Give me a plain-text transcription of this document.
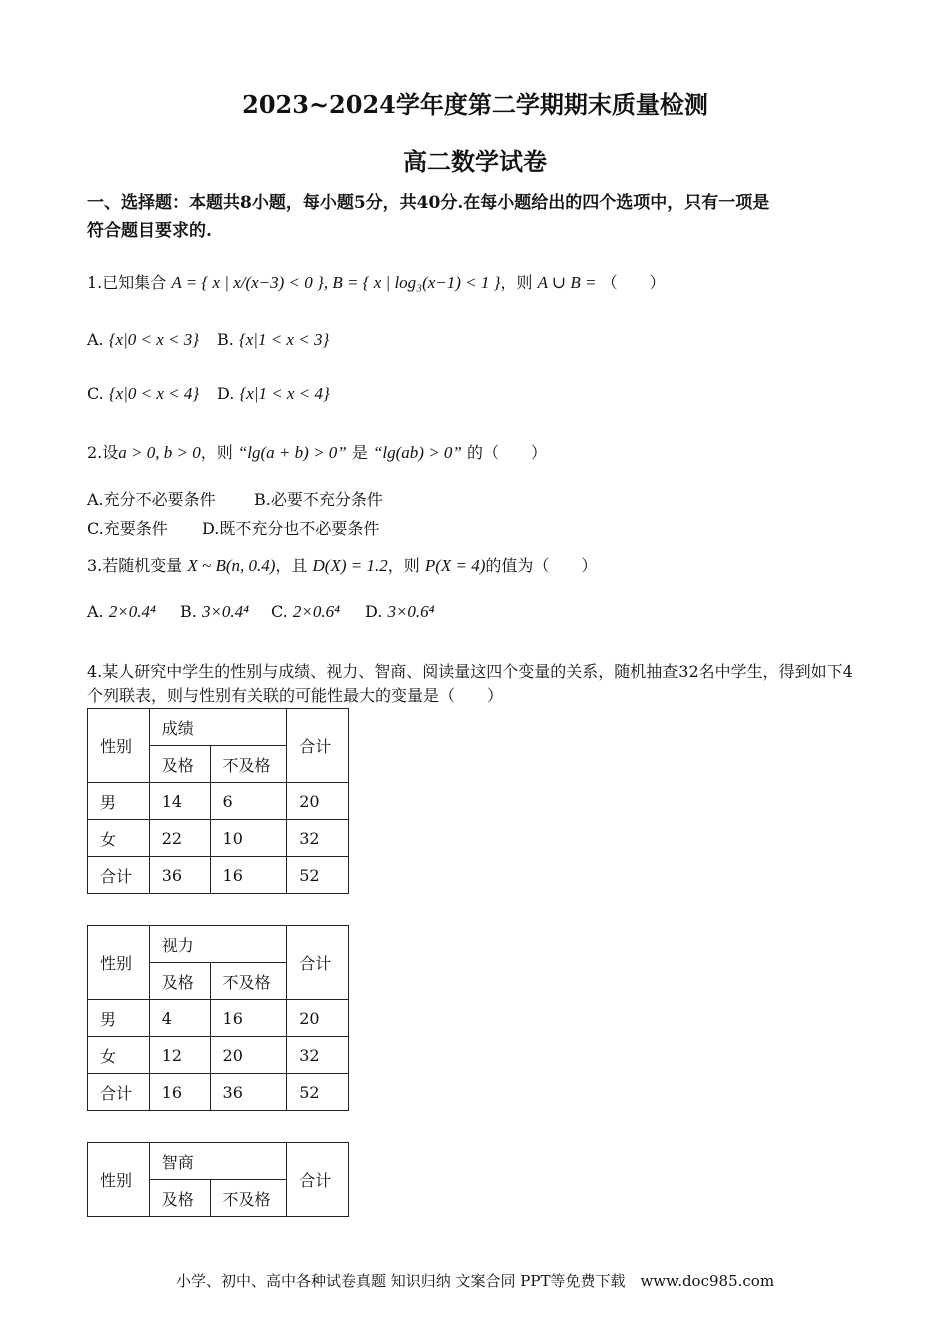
2023~2024学年度第二学期期末质量检测
高二数学试卷
一、选择题：本题共8小题，每小题5分，共40分.在每小题给出的四个选项中，只有一项是
符合题目要求的.
1.已知集合 A = { x | x/(x−3) < 0 }, B = { x | log₃(x−1) < 1 }，则 A ∪ B = （　　）
A. {x|0 < x < 3} B. {x|1 < x < 3}
C. {x|0 < x < 4} D. {x|1 < x < 4}
2.设a > 0, b > 0，则 “lg(a + b) > 0” 是 “lg(ab) > 0” 的（　　）
A.充分不必要条件 B.必要不充分条件
C.充要条件 D.既不充分也不必要条件
3.若随机变量 X ~ B(n, 0.4)，且 D(X) = 1.2，则 P(X = 4)的值为（　　）
A. 2×0.4⁴ B. 3×0.4⁴ C. 2×0.6⁴ D. 3×0.6⁴
4.某人研究中学生的性别与成绩、视力、智商、阅读量这四个变量的关系，随机抽查32名中学生，得到如下4
个列联表，则与性别有关联的可能性最大的变量是（　　）
性别	成绩		合计
	及格	不及格	
男	14	6	20
女	22	10	32
合计	36	16	52
性别	视力		合计
	及格	不及格	
男	4	16	20
女	12	20	32
合计	16	36	52
性别	智商		合计
	及格	不及格	
小学、初中、高中各种试卷真题 知识归纳 文案合同 PPT等免费下载　www.doc985.com
